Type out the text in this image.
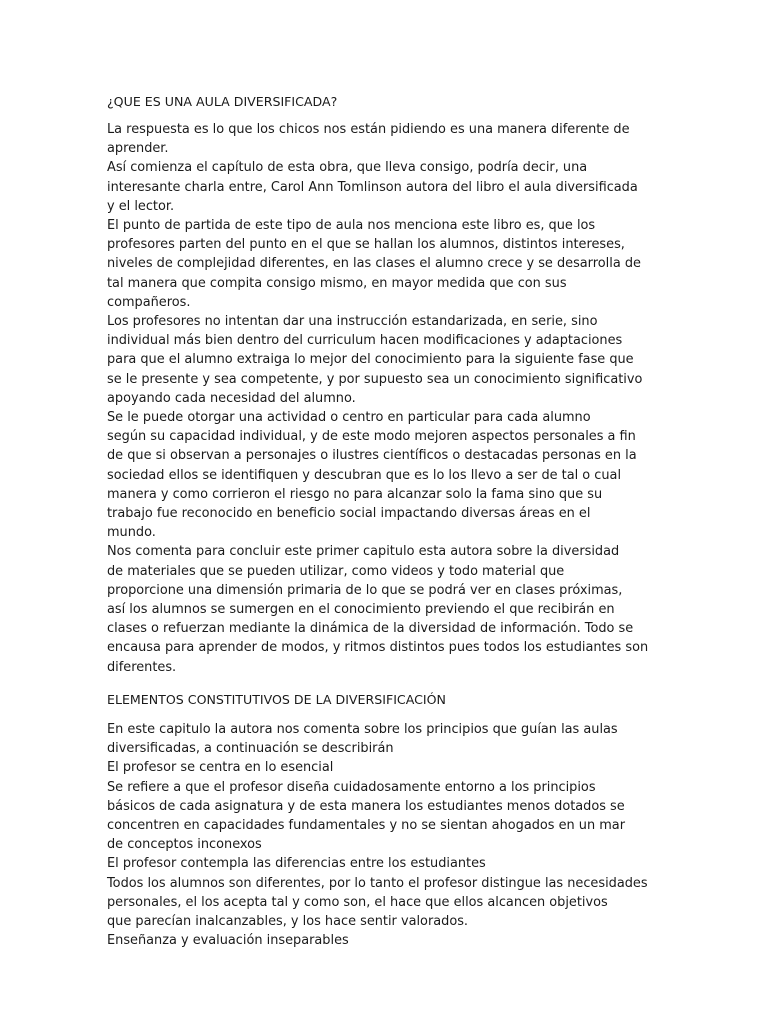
¿QUE ES UNA AULA DIVERSIFICADA?
La respuesta es lo que los chicos nos están pidiendo es una manera diferente de
aprender.
Así comienza el capítulo de esta obra, que lleva consigo, podría decir, una
interesante charla entre, Carol Ann Tomlinson autora del libro el aula diversificada
y el lector.
El punto de partida de este tipo de aula nos menciona este libro es, que los
profesores parten del punto en el que se hallan los alumnos, distintos intereses,
niveles de complejidad diferentes, en las clases el alumno crece y se desarrolla de
tal manera que compita consigo mismo, en mayor medida que con sus
compañeros.
Los profesores no intentan dar una instrucción estandarizada, en serie, sino
individual más bien dentro del curriculum hacen modificaciones y adaptaciones
para que el alumno extraiga lo mejor del conocimiento para la siguiente fase que
se le presente y sea competente, y por supuesto sea un conocimiento significativo
apoyando cada necesidad del alumno.
Se le puede otorgar una actividad o centro en particular para cada alumno
según su capacidad individual, y de este modo mejoren aspectos personales a fin
de que si observan a personajes o ilustres científicos o destacadas personas en la
sociedad ellos se identifiquen y descubran que es lo los llevo a ser de tal o cual
manera y como corrieron el riesgo no para alcanzar solo la fama sino que su
trabajo fue reconocido en beneficio social impactando diversas áreas en el
mundo.
Nos comenta para concluir este primer capitulo esta autora sobre la diversidad
de materiales que se pueden utilizar, como videos y todo material que
proporcione una dimensión primaria de lo que se podrá ver en clases próximas,
así los alumnos se sumergen en el conocimiento previendo el que recibirán en
clases o refuerzan mediante la dinámica de la diversidad de información. Todo se
encausa para aprender de modos, y ritmos distintos pues todos los estudiantes son
diferentes.
ELEMENTOS CONSTITUTIVOS DE LA DIVERSIFICACIÓN
En este capitulo la autora nos comenta sobre los principios que guían las aulas
diversificadas, a continuación se describirán
El profesor se centra en lo esencial
Se refiere a que el profesor diseña cuidadosamente entorno a los principios
básicos de cada asignatura y de esta manera los estudiantes menos dotados se
concentren en capacidades fundamentales y no se sientan ahogados en un mar
de conceptos inconexos
El profesor contempla las diferencias entre los estudiantes
Todos los alumnos son diferentes, por lo tanto el profesor distingue las necesidades
personales, el los acepta tal y como son, el hace que ellos alcancen objetivos
que parecían inalcanzables, y los hace sentir valorados.
Enseñanza y evaluación inseparables
